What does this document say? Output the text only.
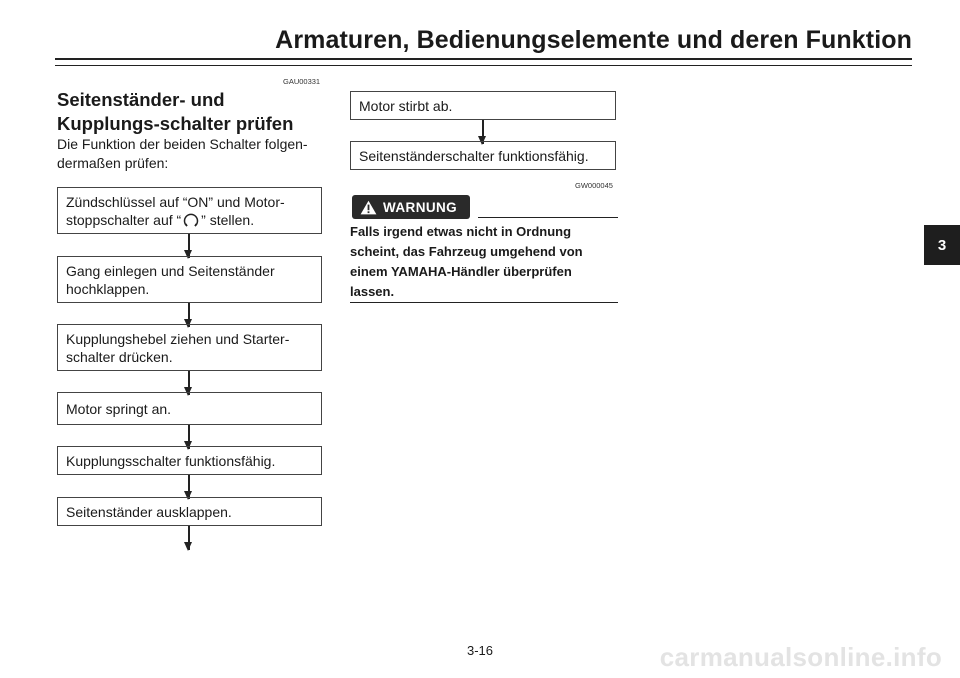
Armaturen, Bedienungselemente und deren Funktion
GAU00331
Seitenständer- und Kupplungs-schalter prüfen
Die Funktion der beiden Schalter folgen-dermaßen prüfen:
Zündschlüssel auf “ON” und Motor-stoppschalter auf “ ” stellen.
Gang einlegen und Seitenständer hochklappen.
Kupplungshebel ziehen und Starter-schalter drücken.
Motor springt an.
Kupplungsschalter funktionsfähig.
Seitenständer ausklappen.
Motor stirbt ab.
Seitenständerschalter funktionsfähig.
GW000045
WARNUNG
Falls irgend etwas nicht in Ordnung scheint, das Fahrzeug umgehend von einem YAMAHA-Händler überprüfen lassen.
3
3-16	carmanualsonline.info
